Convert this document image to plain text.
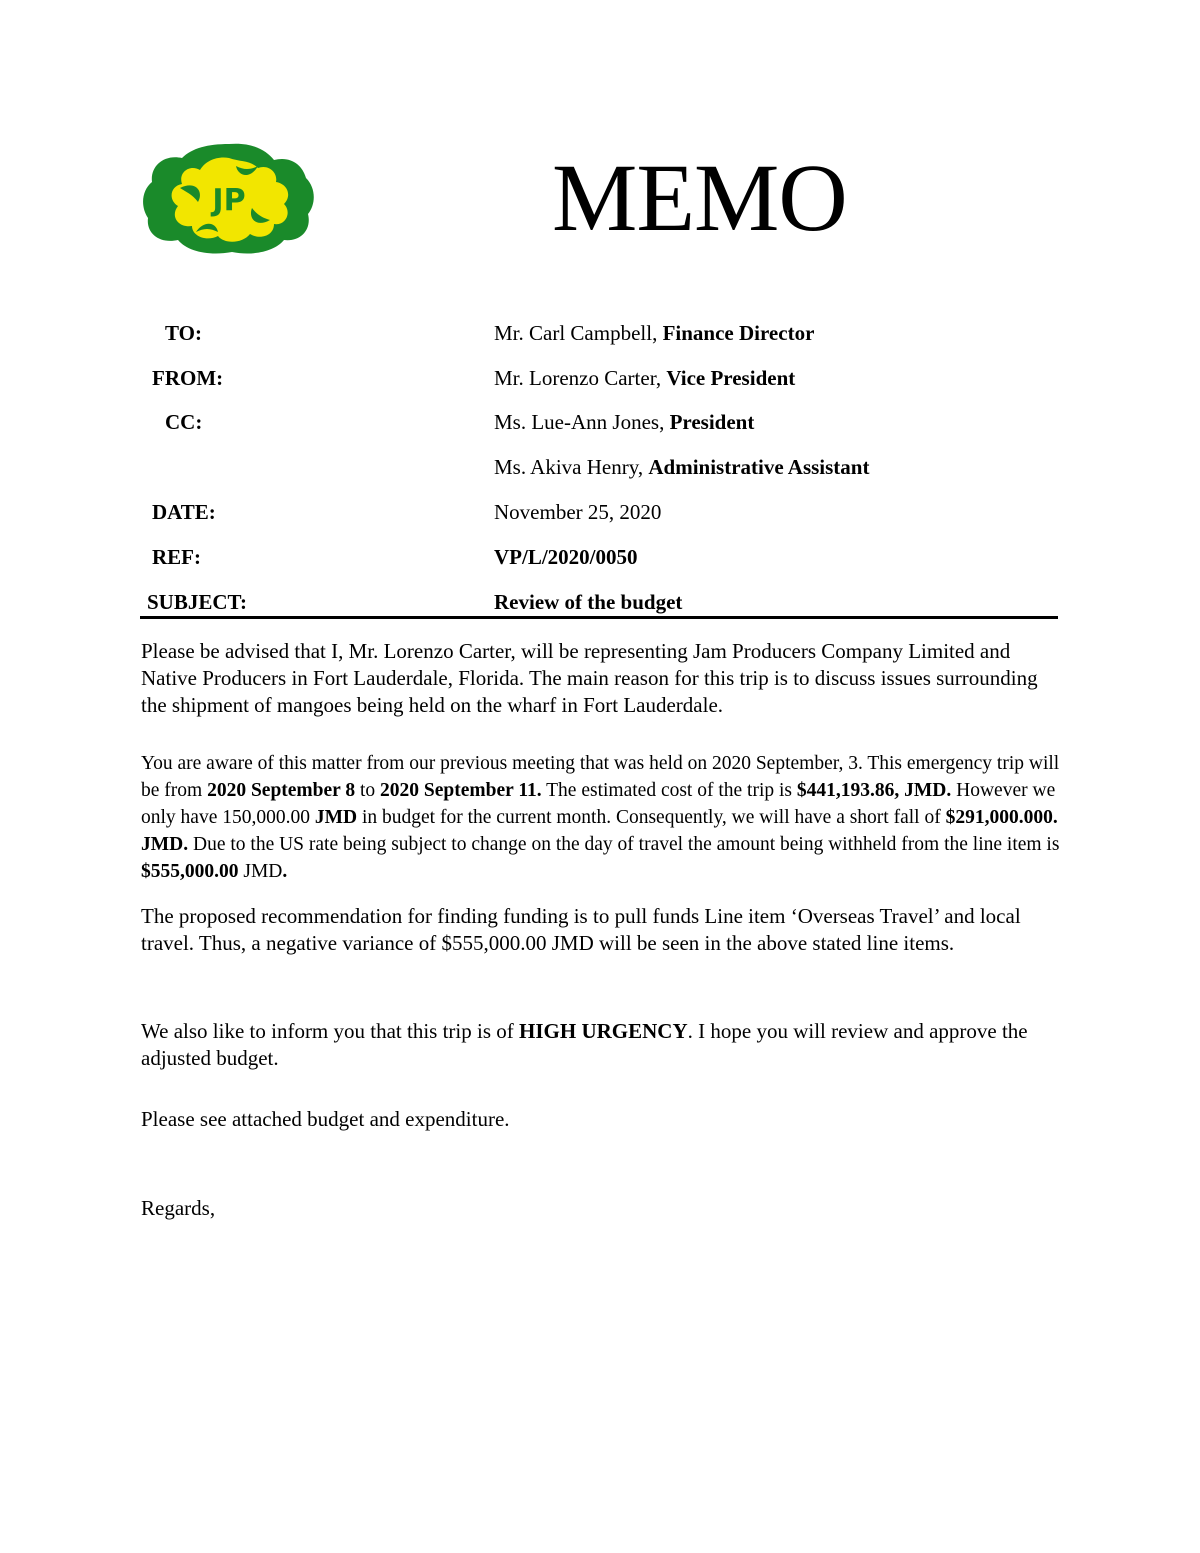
JP	MEMO
TO:	Mr. Carl Campbell, Finance Director
FROM:	Mr. Lorenzo Carter, Vice President
CC:	Ms. Lue-Ann Jones, President
Ms. Akiva Henry, Administrative Assistant
DATE:	November 25, 2020
REF:	VP/L/2020/0050
SUBJECT:	Review of the budget

Please be advised that I, Mr. Lorenzo Carter, will be representing Jam Producers Company Limited and Native Producers in Fort Lauderdale, Florida. The main reason for this trip is to discuss issues surrounding the shipment of mangoes being held on the wharf in Fort Lauderdale.

You are aware of this matter from our previous meeting that was held on 2020 September, 3. This emergency trip will be from 2020 September 8 to 2020 September 11. The estimated cost of the trip is $441,193.86, JMD. However we only have 150,000.00 JMD in budget for the current month. Consequently, we will have a short fall of $291,000.000. JMD. Due to the US rate being subject to change on the day of travel the amount being withheld from the line item is $555,000.00 JMD.

The proposed recommendation for finding funding is to pull funds Line item ‘Overseas Travel’ and local travel. Thus, a negative variance of $555,000.00 JMD will be seen in the above stated line items.

We also like to inform you that this trip is of HIGH URGENCY. I hope you will review and approve the adjusted budget.

Please see attached budget and expenditure.

Regards,
